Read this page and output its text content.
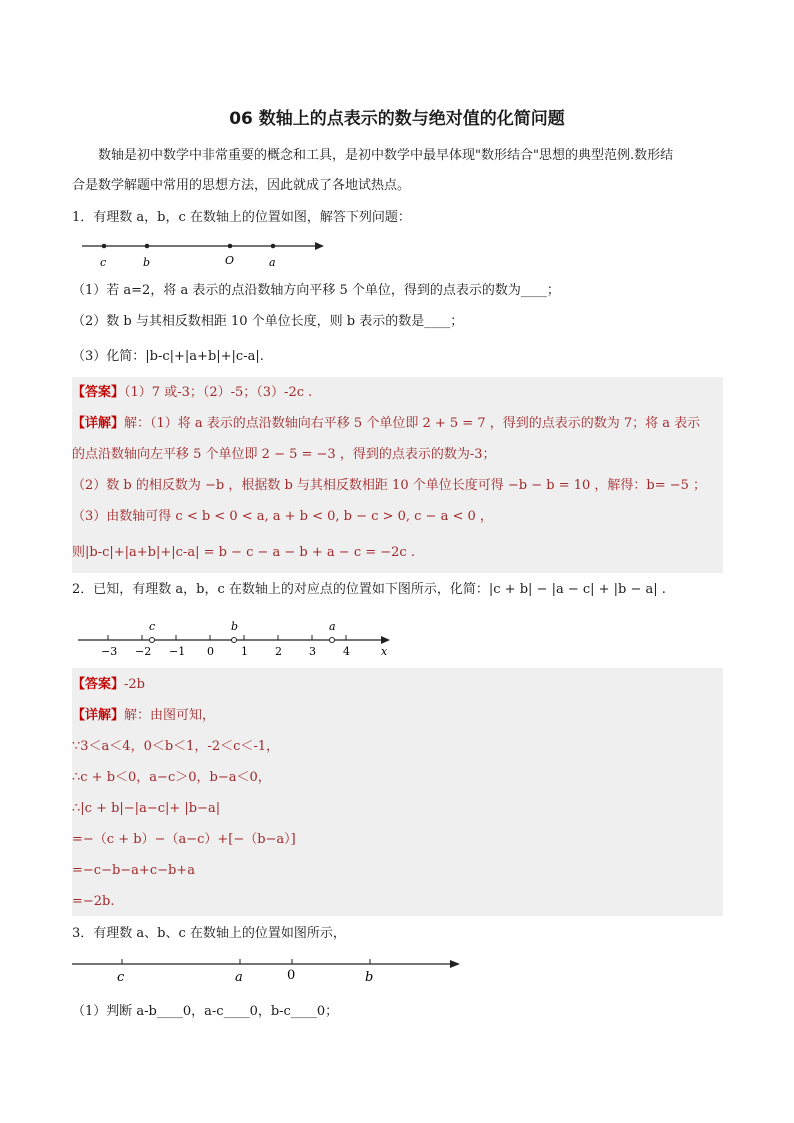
06 数轴上的点表示的数与绝对值的化简问题
数轴是初中数学中非常重要的概念和工具，是初中数学中最早体现"数形结合"思想的典型范例.数形结
合是数学解题中常用的思想方法，因此就成了各地试热点。
1．有理数 a，b，c 在数轴上的位置如图，解答下列问题：
c	b	O	a
（1）若 a=2，将 a 表示的点沿数轴方向平移 5 个单位，得到的点表示的数为____；
（2）数 b 与其相反数相距 10 个单位长度，则 b 表示的数是____；
（3）化简：|b-c|+|a+b|+|c-a|.
【答案】（1）7 或-3；（2）-5；（3）-2c .
【详解】解：（1）将 a 表示的点沿数轴向右平移 5 个单位即 2 + 5 = 7 ，得到的点表示的数为 7；将 a 表示
的点沿数轴向左平移 5 个单位即 2 − 5 = −3 ，得到的点表示的数为-3；
（2）数 b 的相反数为 −b ，根据数 b 与其相反数相距 10 个单位长度可得 −b − b = 10 ，解得：b= −5 ；
（3）由数轴可得 c < b < 0 < a, a + b < 0, b − c > 0, c − a < 0 ，
则|b-c|+|a+b|+|c-a| = b − c − a − b + a − c = −2c .
2．已知，有理数 a，b，c 在数轴上的对应点的位置如下图所示，化简：|c + b| − |a − c| + |b − a| .
c	b	a
−3 −2 −1 0 1 2 3 4	x
【答案】-2b
【详解】解：由图可知，
∵3＜a＜4，0＜b＜1，-2＜c＜-1，
∴c + b＜0，a−c＞0，b−a＜0，
∴|c + b|−|a−c|+ |b−a|
=−（c + b）−（a−c）+[−（b−a）]
=−c−b−a+c−b+a
=−2b.
3．有理数 a、b、c 在数轴上的位置如图所示，
c	a	0	b
（1）判断 a-b____0，a-c____0，b-c____0；
